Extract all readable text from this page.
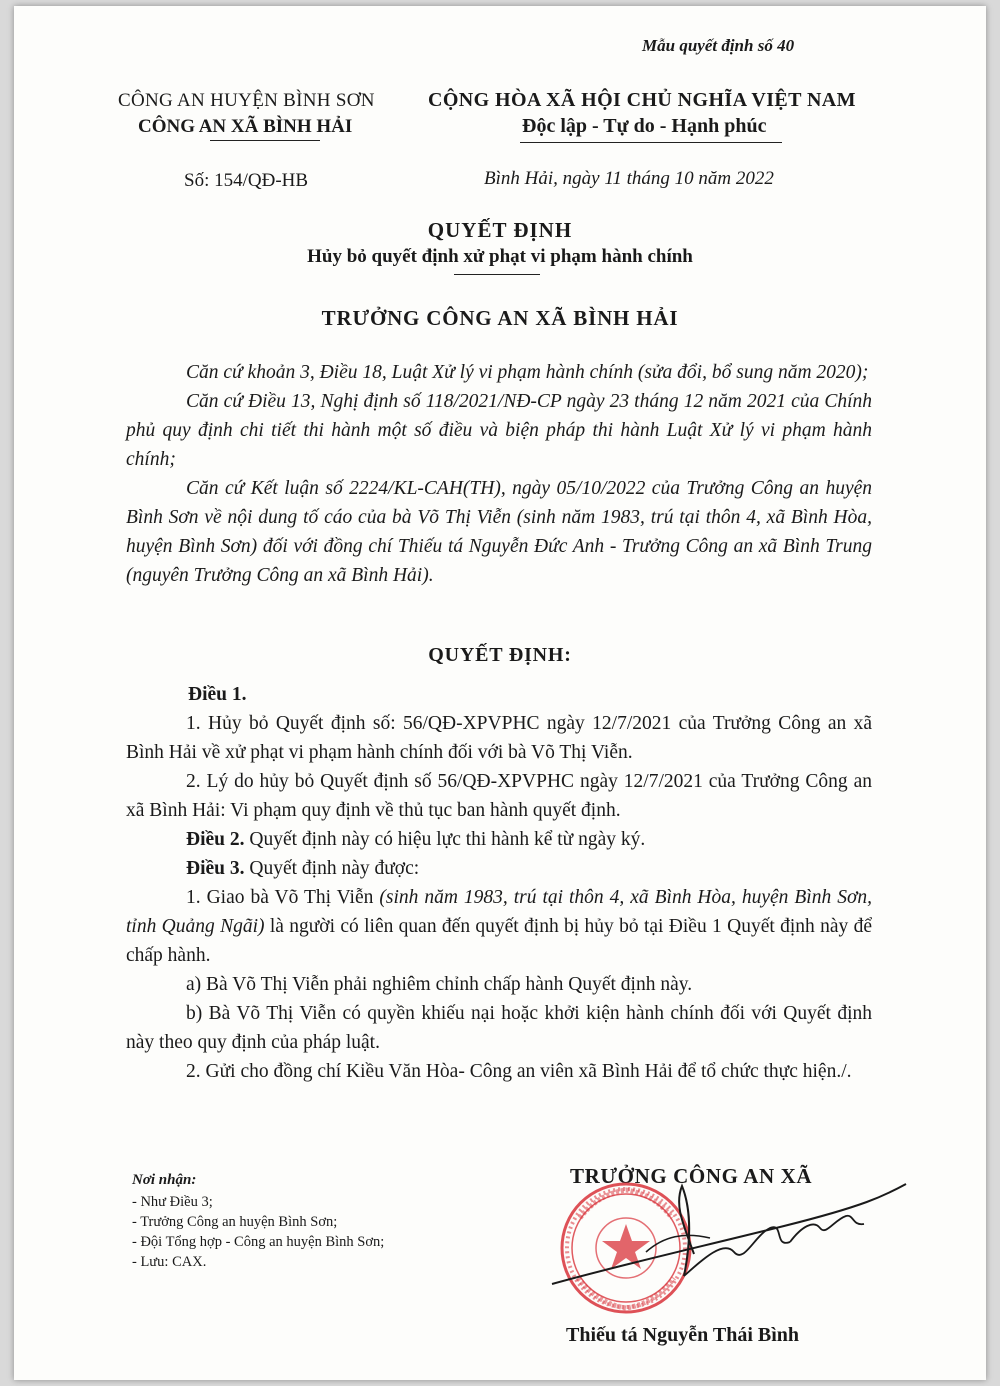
Mẫu quyết định số 40
CÔNG AN HUYỆN BÌNH SƠN
CÔNG AN XÃ BÌNH HẢI
CỘNG HÒA XÃ HỘI CHỦ NGHĨA VIỆT NAM
Độc lập - Tự do - Hạnh phúc
Số: 154/QĐ-HB	Bình Hải, ngày 11 tháng 10 năm 2022
QUYẾT ĐỊNH
Hủy bỏ quyết định xử phạt vi phạm hành chính
TRƯỞNG CÔNG AN XÃ BÌNH HẢI

Căn cứ khoản 3, Điều 18, Luật Xử lý vi phạm hành chính (sửa đổi, bổ sung năm 2020);

Căn cứ Điều 13, Nghị định số 118/2021/NĐ-CP ngày 23 tháng 12 năm 2021 của Chính phủ quy định chi tiết thi hành một số điều và biện pháp thi hành Luật Xử lý vi phạm hành chính;

Căn cứ Kết luận số 2224/KL-CAH(TH), ngày 05/10/2022 của Trưởng Công an huyện Bình Sơn về nội dung tố cáo của bà Võ Thị Viễn (sinh năm 1983, trú tại thôn 4, xã Bình Hòa, huyện Bình Sơn) đối với đồng chí Thiếu tá Nguyễn Đức Anh - Trưởng Công an xã Bình Trung (nguyên Trưởng Công an xã Bình Hải).

QUYẾT ĐỊNH:

Điều 1.

1. Hủy bỏ Quyết định số: 56/QĐ-XPVPHC ngày 12/7/2021 của Trưởng Công an xã Bình Hải về xử phạt vi phạm hành chính đối với bà Võ Thị Viễn.

2. Lý do hủy bỏ Quyết định số 56/QĐ-XPVPHC ngày 12/7/2021 của Trưởng Công an xã Bình Hải: Vi phạm quy định về thủ tục ban hành quyết định.

Điều 2. Quyết định này có hiệu lực thi hành kể từ ngày ký.

Điều 3. Quyết định này được:

1. Giao bà Võ Thị Viễn (sinh năm 1983, trú tại thôn 4, xã Bình Hòa, huyện Bình Sơn, tỉnh Quảng Ngãi) là người có liên quan đến quyết định bị hủy bỏ tại Điều 1 Quyết định này để chấp hành.

a) Bà Võ Thị Viễn phải nghiêm chỉnh chấp hành Quyết định này.

b) Bà Võ Thị Viễn có quyền khiếu nại hoặc khởi kiện hành chính đối với Quyết định này theo quy định của pháp luật.

2. Gửi cho đồng chí Kiều Văn Hòa- Công an viên xã Bình Hải để tổ chức thực hiện./.

Nơi nhận:
- Như Điều 3;
- Trưởng Công an huyện Bình Sơn;
- Đội Tổng hợp - Công an huyện Bình Sơn;
- Lưu: CAX.
TRƯỞNG CÔNG AN XÃ
Thiếu tá Nguyễn Thái Bình
